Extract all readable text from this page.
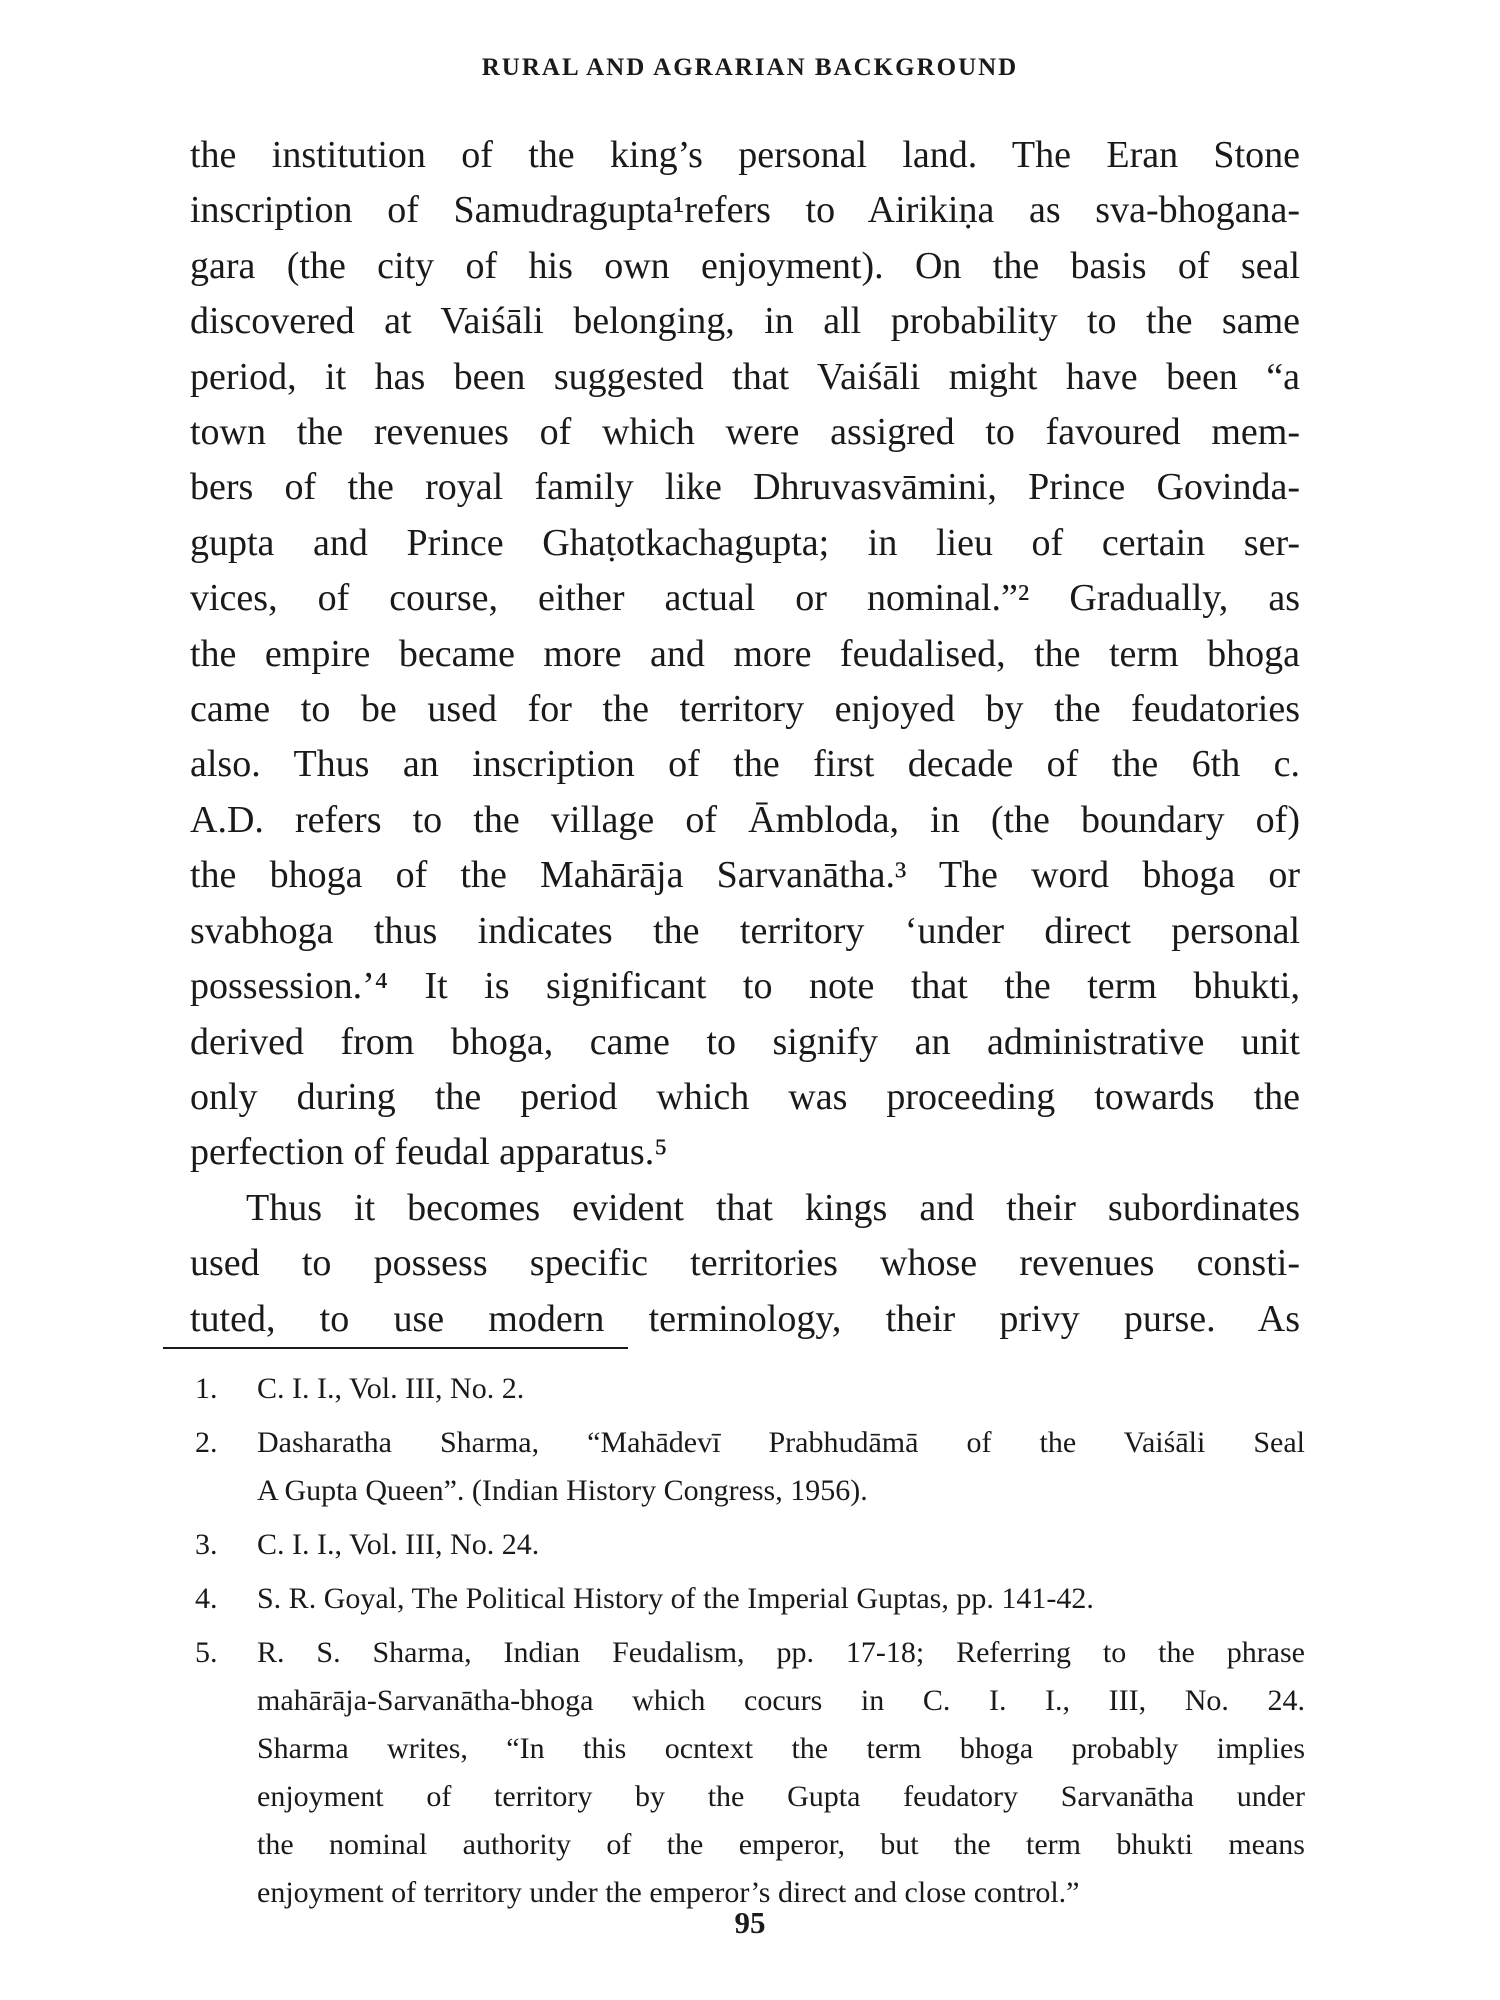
RURAL AND AGRARIAN BACKGROUND
the institution of the king’s personal land. The Eran Stone
inscription of Samudragupta¹refers to Airikiṇa as sva-bhogana-
gara (the city of his own enjoyment). On the basis of seal
discovered at Vaiśāli belonging, in all probability to the same
period, it has been suggested that Vaiśāli might have been “a
town the revenues of which were assigred to favoured mem-
bers of the royal family like Dhruvasvāmini, Prince Govinda-
gupta and Prince Ghaṭotkachagupta; in lieu of certain ser-
vices, of course, either actual or nominal.”² Gradually, as
the empire became more and more feudalised, the term bhoga
came to be used for the territory enjoyed by the feudatories
also. Thus an inscription of the first decade of the 6th c.
A.D. refers to the village of Āmbloda, in (the boundary of)
the bhoga of the Mahārāja Sarvanātha.³ The word bhoga or
svabhoga thus indicates the territory ‘under direct personal
possession.’⁴ It is significant to note that the term bhukti,
derived from bhoga, came to signify an administrative unit
only during the period which was proceeding towards the
perfection of feudal apparatus.⁵
Thus it becomes evident that kings and their subordinates
used to possess specific territories whose revenues consti-
tuted, to use modern terminology, their privy purse. As
1.	C. I. I., Vol. III, No. 2.
2.	Dasharatha Sharma, “Mahādevī Prabhudāmā of the Vaiśāli Seal
A Gupta Queen”. (Indian History Congress, 1956).
3.	C. I. I., Vol. III, No. 24.
4.	S. R. Goyal, The Political History of the Imperial Guptas, pp. 141-42.
5.	R. S. Sharma, Indian Feudalism, pp. 17-18; Referring to the phrase
mahārāja-Sarvanātha-bhoga which cocurs in C. I. I., III, No. 24.
Sharma writes, “In this ocntext the term bhoga probably implies
enjoyment of territory by the Gupta feudatory Sarvanātha under
the nominal authority of the emperor, but the term bhukti means
enjoyment of territory under the emperor’s direct and close control.”
95
